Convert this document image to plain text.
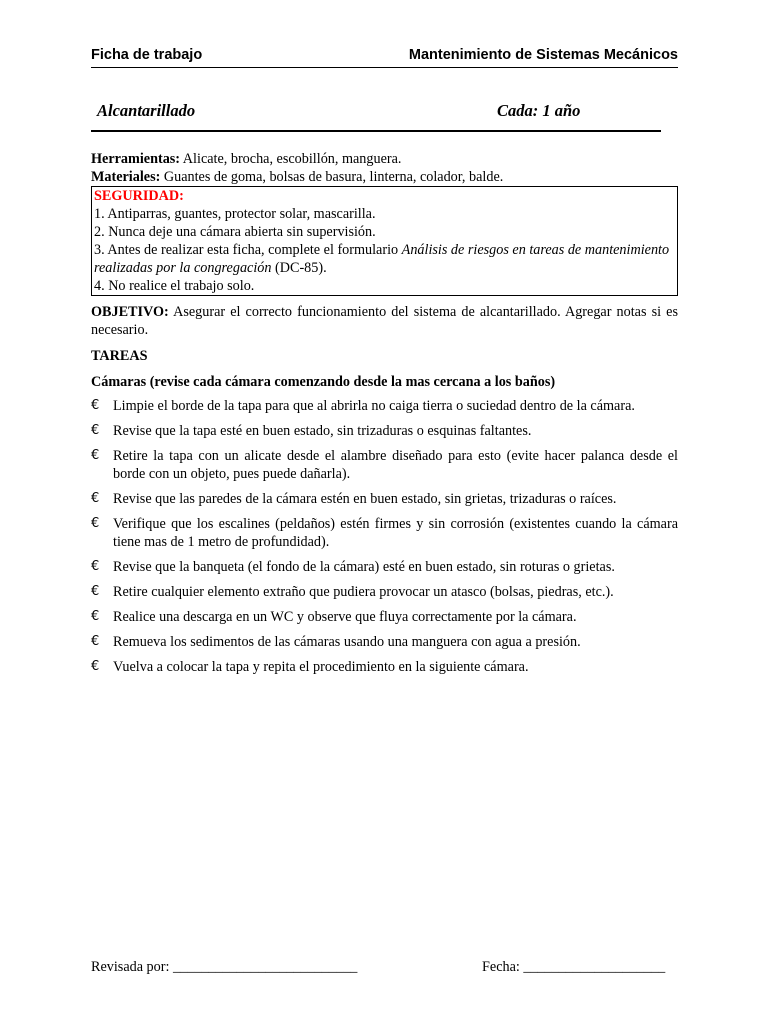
Ficha de trabajo	Mantenimiento de Sistemas Mecánicos
Alcantarillado	Cada: 1 año
Herramientas: Alicate, brocha, escobillón, manguera.
Materiales: Guantes de goma, bolsas de basura, linterna, colador, balde.
SEGURIDAD:
1. Antiparras, guantes, protector solar, mascarilla.
2. Nunca deje una cámara abierta sin supervisión.
3. Antes de realizar esta ficha, complete el formulario Análisis de riesgos en tareas de mantenimiento realizadas por la congregación (DC-85).
4. No realice el trabajo solo.
OBJETIVO: Asegurar el correcto funcionamiento del sistema de alcantarillado. Agregar notas si es necesario.
TAREAS
Cámaras (revise cada cámara comenzando desde la mas cercana a los baños)
€ Limpie el borde de la tapa para que al abrirla no caiga tierra o suciedad dentro de la cámara.
€ Revise que la tapa esté en buen estado, sin trizaduras o esquinas faltantes.
€ Retire la tapa con un alicate desde el alambre diseñado para esto (evite hacer palanca desde el borde con un objeto, pues puede dañarla).
€ Revise que las paredes de la cámara estén en buen estado, sin grietas, trizaduras o raíces.
€ Verifique que los escalines (peldaños) estén firmes y sin corrosión (existentes cuando la cámara tiene mas de 1 metro de profundidad).
€ Revise que la banqueta (el fondo de la cámara) esté en buen estado, sin roturas o grietas.
€ Retire cualquier elemento extraño que pudiera provocar un atasco (bolsas, piedras, etc.).
€ Realice una descarga en un WC y observe que fluya correctamente por la cámara.
€ Remueva los sedimentos de las cámaras usando una manguera con agua a presión.
€ Vuelva a colocar la tapa y repita el procedimiento en la siguiente cámara.
Revisada por: __________________________	Fecha: ____________________
